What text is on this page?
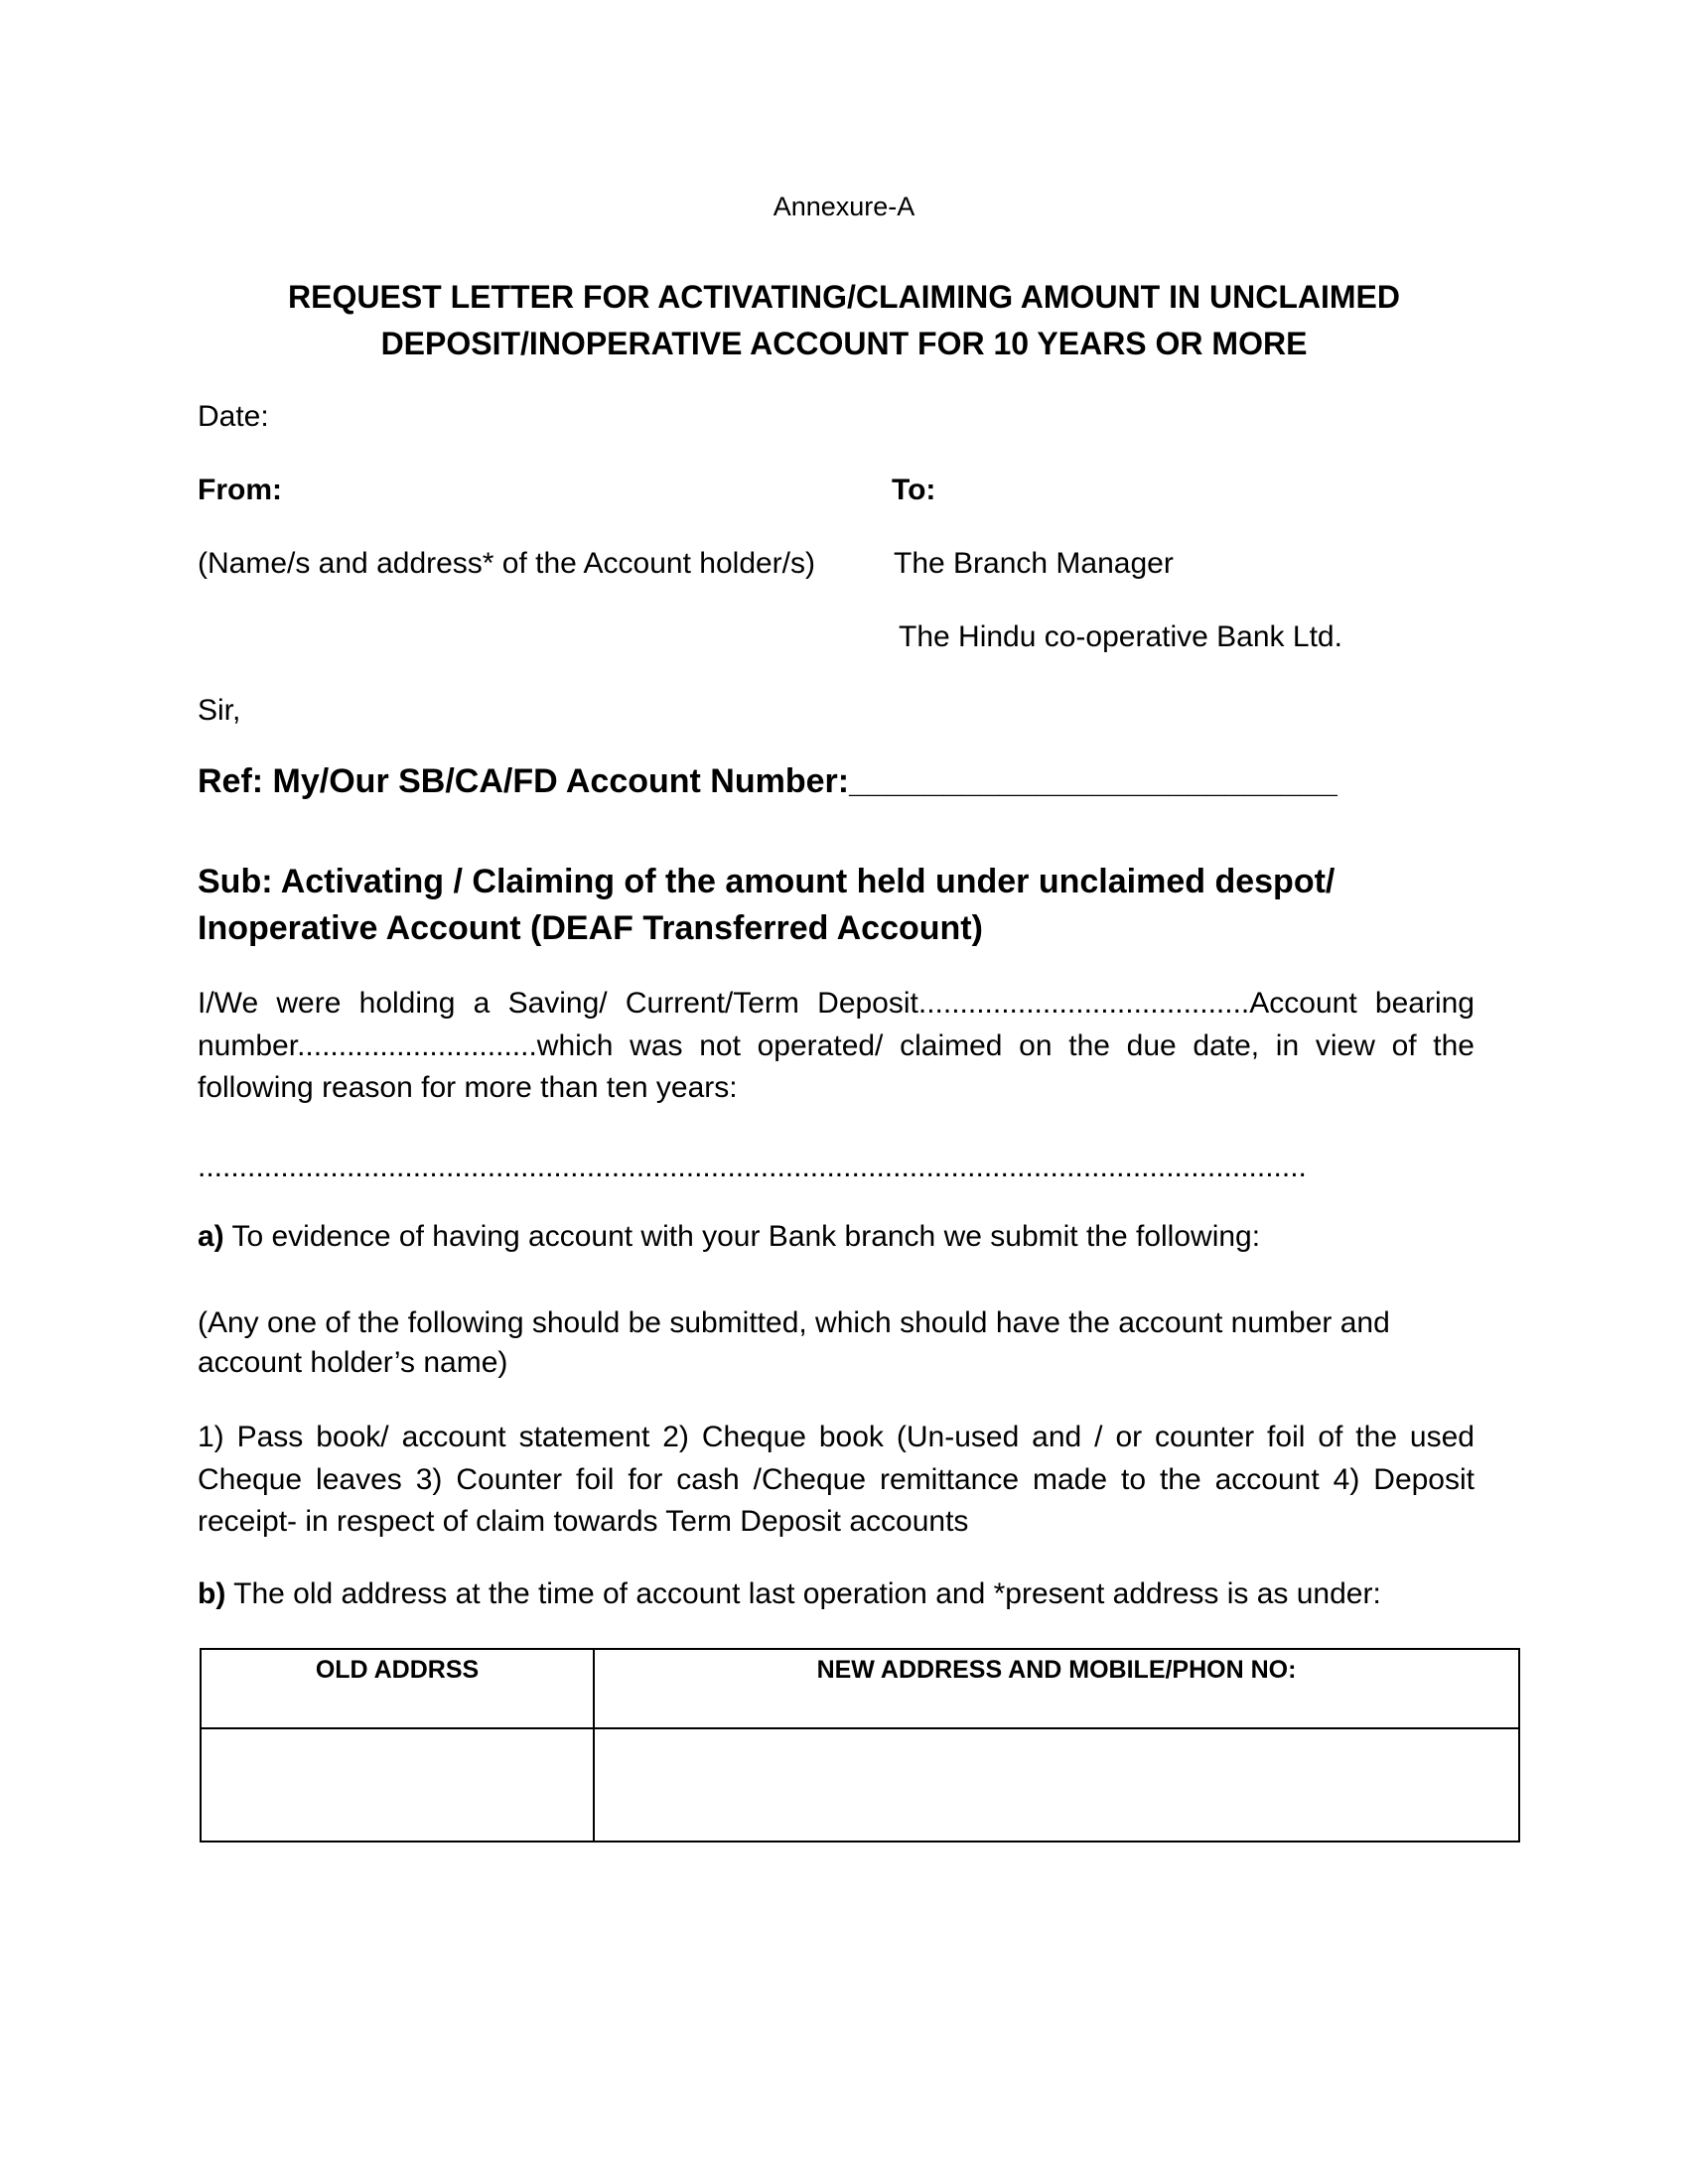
Annexure-A
REQUEST LETTER FOR ACTIVATING/CLAIMING AMOUNT IN UNCLAIMED
DEPOSIT/INOPERATIVE ACCOUNT FOR 10 YEARS OR MORE
Date:
From:	To:
(Name/s and address* of the Account holder/s)	The Branch Manager
The Hindu co-operative Bank Ltd.
Sir,
Ref: My/Our SB/CA/FD Account Number:__________________________
Sub: Activating / Claiming of the amount held under unclaimed despot/
Inoperative Account (DEAF Transferred Account)
I/We were holding a Saving/ Current/Term Deposit........................................Account bearing
number.............................which was not operated/ claimed on the due date, in view of the
following reason for more than ten years:
......................................................................................................................................
a) To evidence of having account with your Bank branch we submit the following:
(Any one of the following should be submitted, which should have the account number and
account holder’s name)
1) Pass book/ account statement 2) Cheque book (Un-used and / or counter foil of the used
Cheque leaves 3) Counter foil for cash /Cheque remittance made to the account 4) Deposit
receipt- in respect of claim towards Term Deposit accounts
b) The old address at the time of account last operation and *present address is as under:
OLD ADDRSS	NEW ADDRESS AND MOBILE/PHON NO:
